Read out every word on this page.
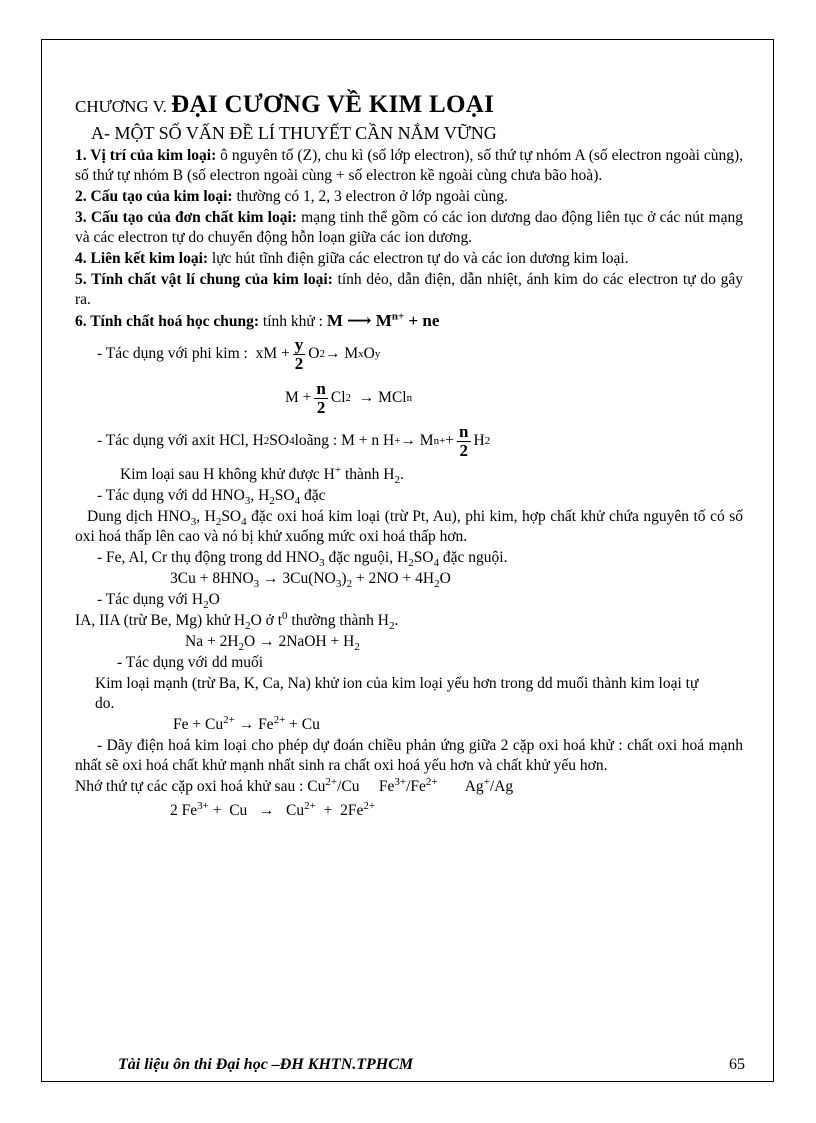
CHƯƠNG V. ĐẠI CƯƠNG VỀ KIM LOẠI
A- MỘT SỐ VẤN ĐỀ LÍ THUYẾT CẦN NẮM VỮNG

1. Vị trí của kim loại: ô nguyên tố (Z), chu kì (số lớp electron), số thứ tự nhóm A (số electron ngoài cùng), số thứ tự nhóm B (số electron ngoài cùng + số electron kề ngoài cùng chưa bão hoà).

2. Cấu tạo của kim loại: thường có 1, 2, 3 electron ở lớp ngoài cùng.

3. Cấu tạo của đơn chất kim loại: mạng tinh thể gồm có các ion dương dao động liên tục ở các nút mạng và các electron tự do chuyển động hỗn loạn giữa các ion dương.

4. Liên kết kim loại: lực hút tĩnh điện giữa các electron tự do và các ion dương kim loại.

5. Tính chất vật lí chung của kim loại: tính dẻo, dẫn điện, dẫn nhiệt, ánh kim do các electron tự do gây ra.

6. Tính chất hoá học chung: tính khử : M ⟶ $M^{n+}$ + ne

- Tác dụng với phi kim : xM + $\frac{y}{2}$ O 2 → M x O y
$M + \frac{n}{2}$ Cl 2 → MCl n
- Tác dụng với axit HCl, H 2 SO 4 loãng : M + n H + → M $n+ + \frac{n}{2}$ H 2

Kim loại sau H không khử được H+ thành $H_2$.

- Tác dụng với dd $HNO_3$, $H_2SO_4$ đặc

Dung dịch $HNO_3$, $H_2SO_4$ đặc oxi hoá kim loại (trừ Pt, Au), phi kim, hợp chất khử chứa nguyên tố có số oxi hoá thấp lên cao và nó bị khử xuống mức oxi hoá thấp hơn.

- Fe, Al, Cr thụ động trong dd $HNO_3$ đặc nguội, $H_2SO_4$ đặc nguội.

$3Cu + 8HNO_3 \to 3Cu(NO_3)_2 + 2NO + 4H_2O$

- Tác dụng với $H_2O$

IA, IIA (trừ Be, Mg) khử $H_2O$ ở $t^0$ thường thành $H_2$.

$Na + 2H_2O$ → 2NaOH + $H_2$

- Tác dụng với dd muối

Kim loại mạnh (trừ Ba, K, Ca, Na) khử ion của kim loại yếu hơn trong dd muối thành kim loại tự do.

$Fe + Cu^{2+} \to Fe^{2+} + Cu$

- Dãy điện hoá kim loại cho phép dự đoán chiều phản ứng giữa 2 cặp oxi hoá khử : chất oxi hoá mạnh nhất sẽ oxi hoá chất khử mạnh nhất sinh ra chất oxi hoá yếu hơn và chất khử yếu hơn.

Nhớ thứ tự các cặp oxi hoá khử sau : $Cu^{2+}/Cu$ $Fe^{3+}/Fe^{2+}$ Ag+/Ag

2 $Fe^{3+} + Cu \to Cu^{2+} + 2Fe^{2+}$

Tài liệu ôn thi Đại học –ĐH KHTN.TPHCM	65
